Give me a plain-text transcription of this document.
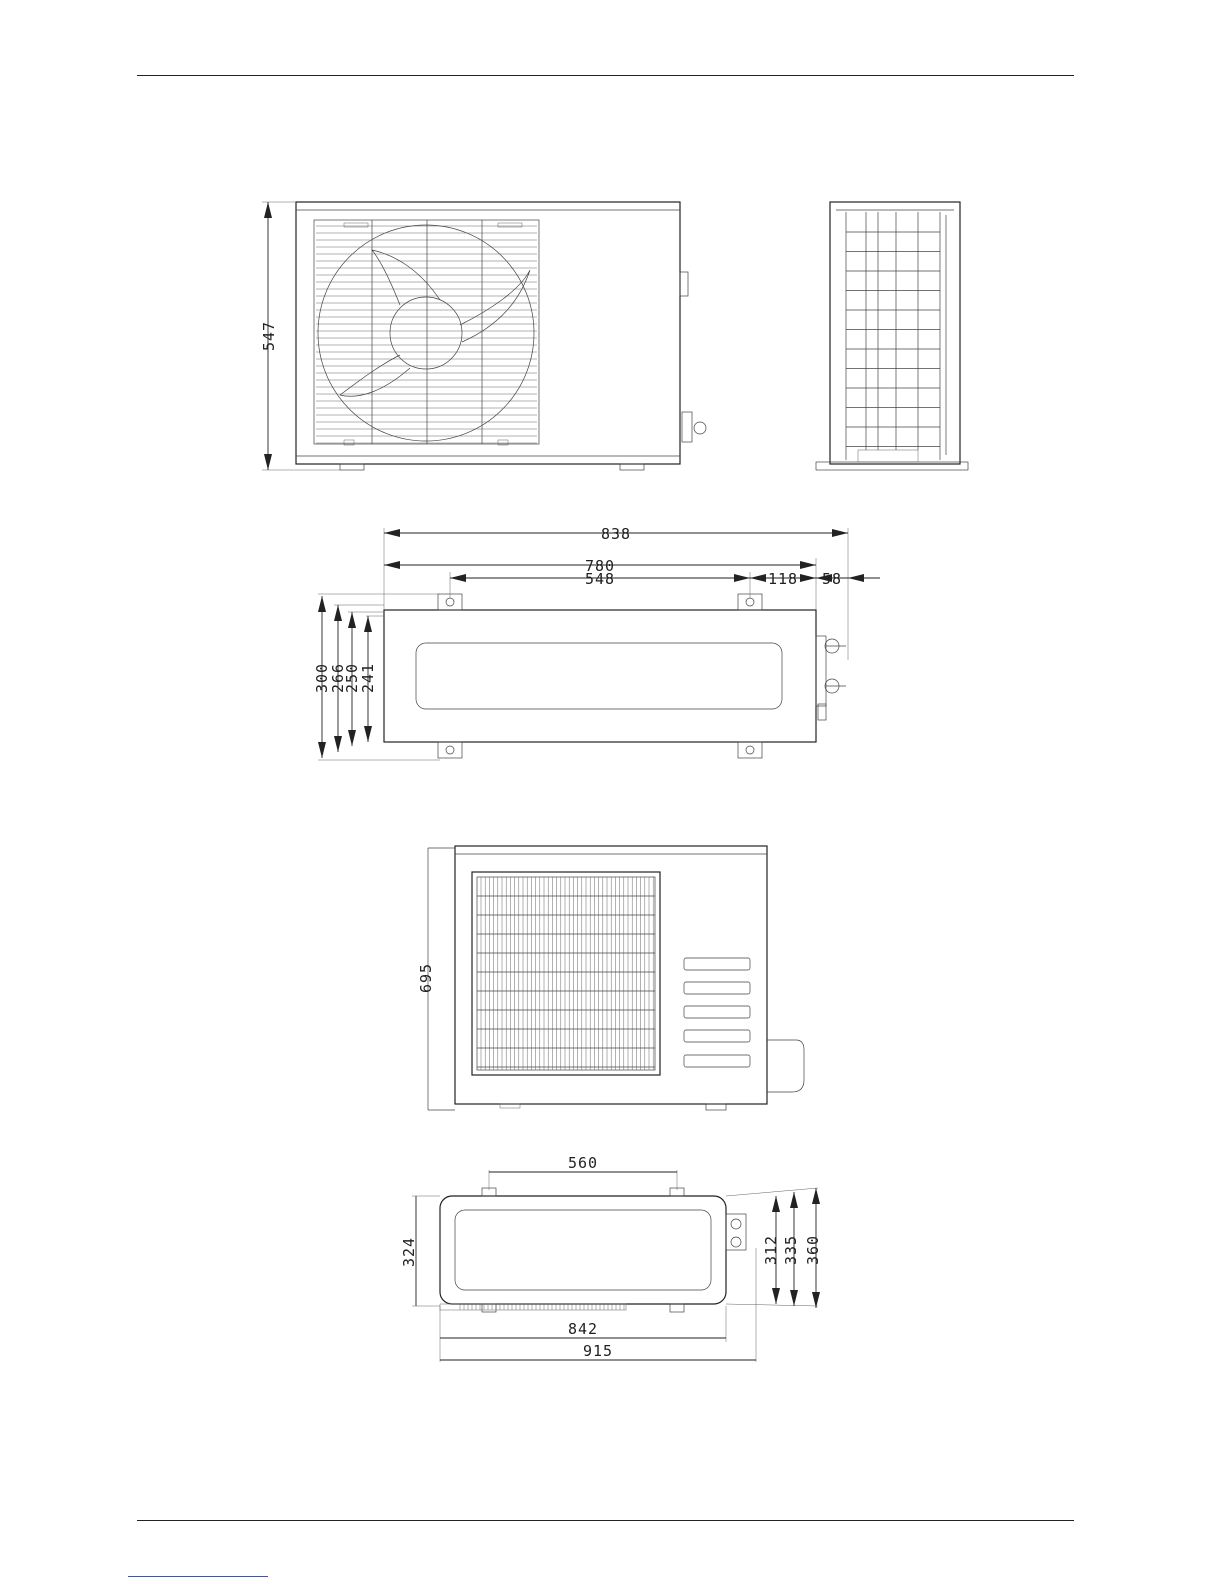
547
838
780
548	118 58
300
266
250
241
695
560
324	312 335 360
842
915
